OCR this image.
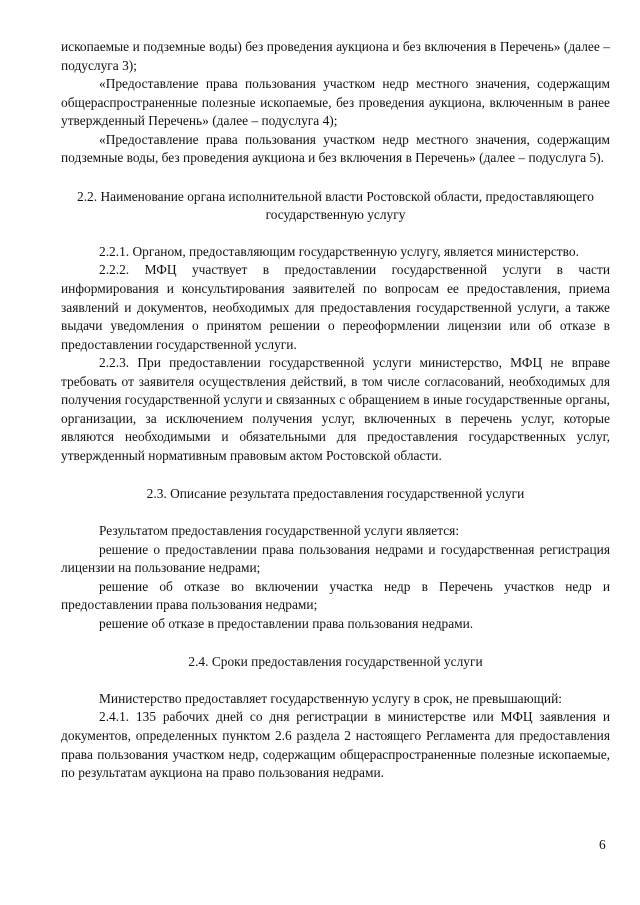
ископаемые и подземные воды) без проведения аукциона и без включения в Перечень» (далее – подуслуга 3);

«Предоставление права пользования участком недр местного значения, содержащим общераспространенные полезные ископаемые, без проведения аукциона, включенным в ранее утвержденный Перечень» (далее – подуслуга 4);

«Предоставление права пользования участком недр местного значения, содержащим подземные воды, без проведения аукциона и без включения в Перечень» (далее – подуслуга 5).

2.2. Наименование органа исполнительной власти Ростовской области, предоставляющего государственную услугу

2.2.1. Органом, предоставляющим государственную услугу, является министерство.

2.2.2. МФЦ участвует в предоставлении государственной услуги в части информирования и консультирования заявителей по вопросам ее предоставления, приема заявлений и документов, необходимых для предоставления государственной услуги, а также выдачи уведомления о принятом решении о переоформлении лицензии или об отказе в предоставлении государственной услуги.

2.2.3. При предоставлении государственной услуги министерство, МФЦ не вправе требовать от заявителя осуществления действий, в том числе согласований, необходимых для получения государственной услуги и связанных с обращением в иные государственные органы, организации, за исключением получения услуг, включенных в перечень услуг, которые являются необходимыми и обязательными для предоставления государственных услуг, утвержденный нормативным правовым актом Ростовской области.

2.3. Описание результата предоставления государственной услуги

Результатом предоставления государственной услуги является:

решение о предоставлении права пользования недрами и государственная регистрация лицензии на пользование недрами;

решение об отказе во включении участка недр в Перечень участков недр и предоставлении права пользования недрами;

решение об отказе в предоставлении права пользования недрами.

2.4. Сроки предоставления государственной услуги

Министерство предоставляет государственную услугу в срок, не превышающий:

2.4.1. 135 рабочих дней со дня регистрации в министерстве или МФЦ заявления и документов, определенных пунктом 2.6 раздела 2 настоящего Регламента для предоставления права пользования участком недр, содержащим общераспространенные полезные ископаемые, по результатам аукциона на право пользования недрами.

6
